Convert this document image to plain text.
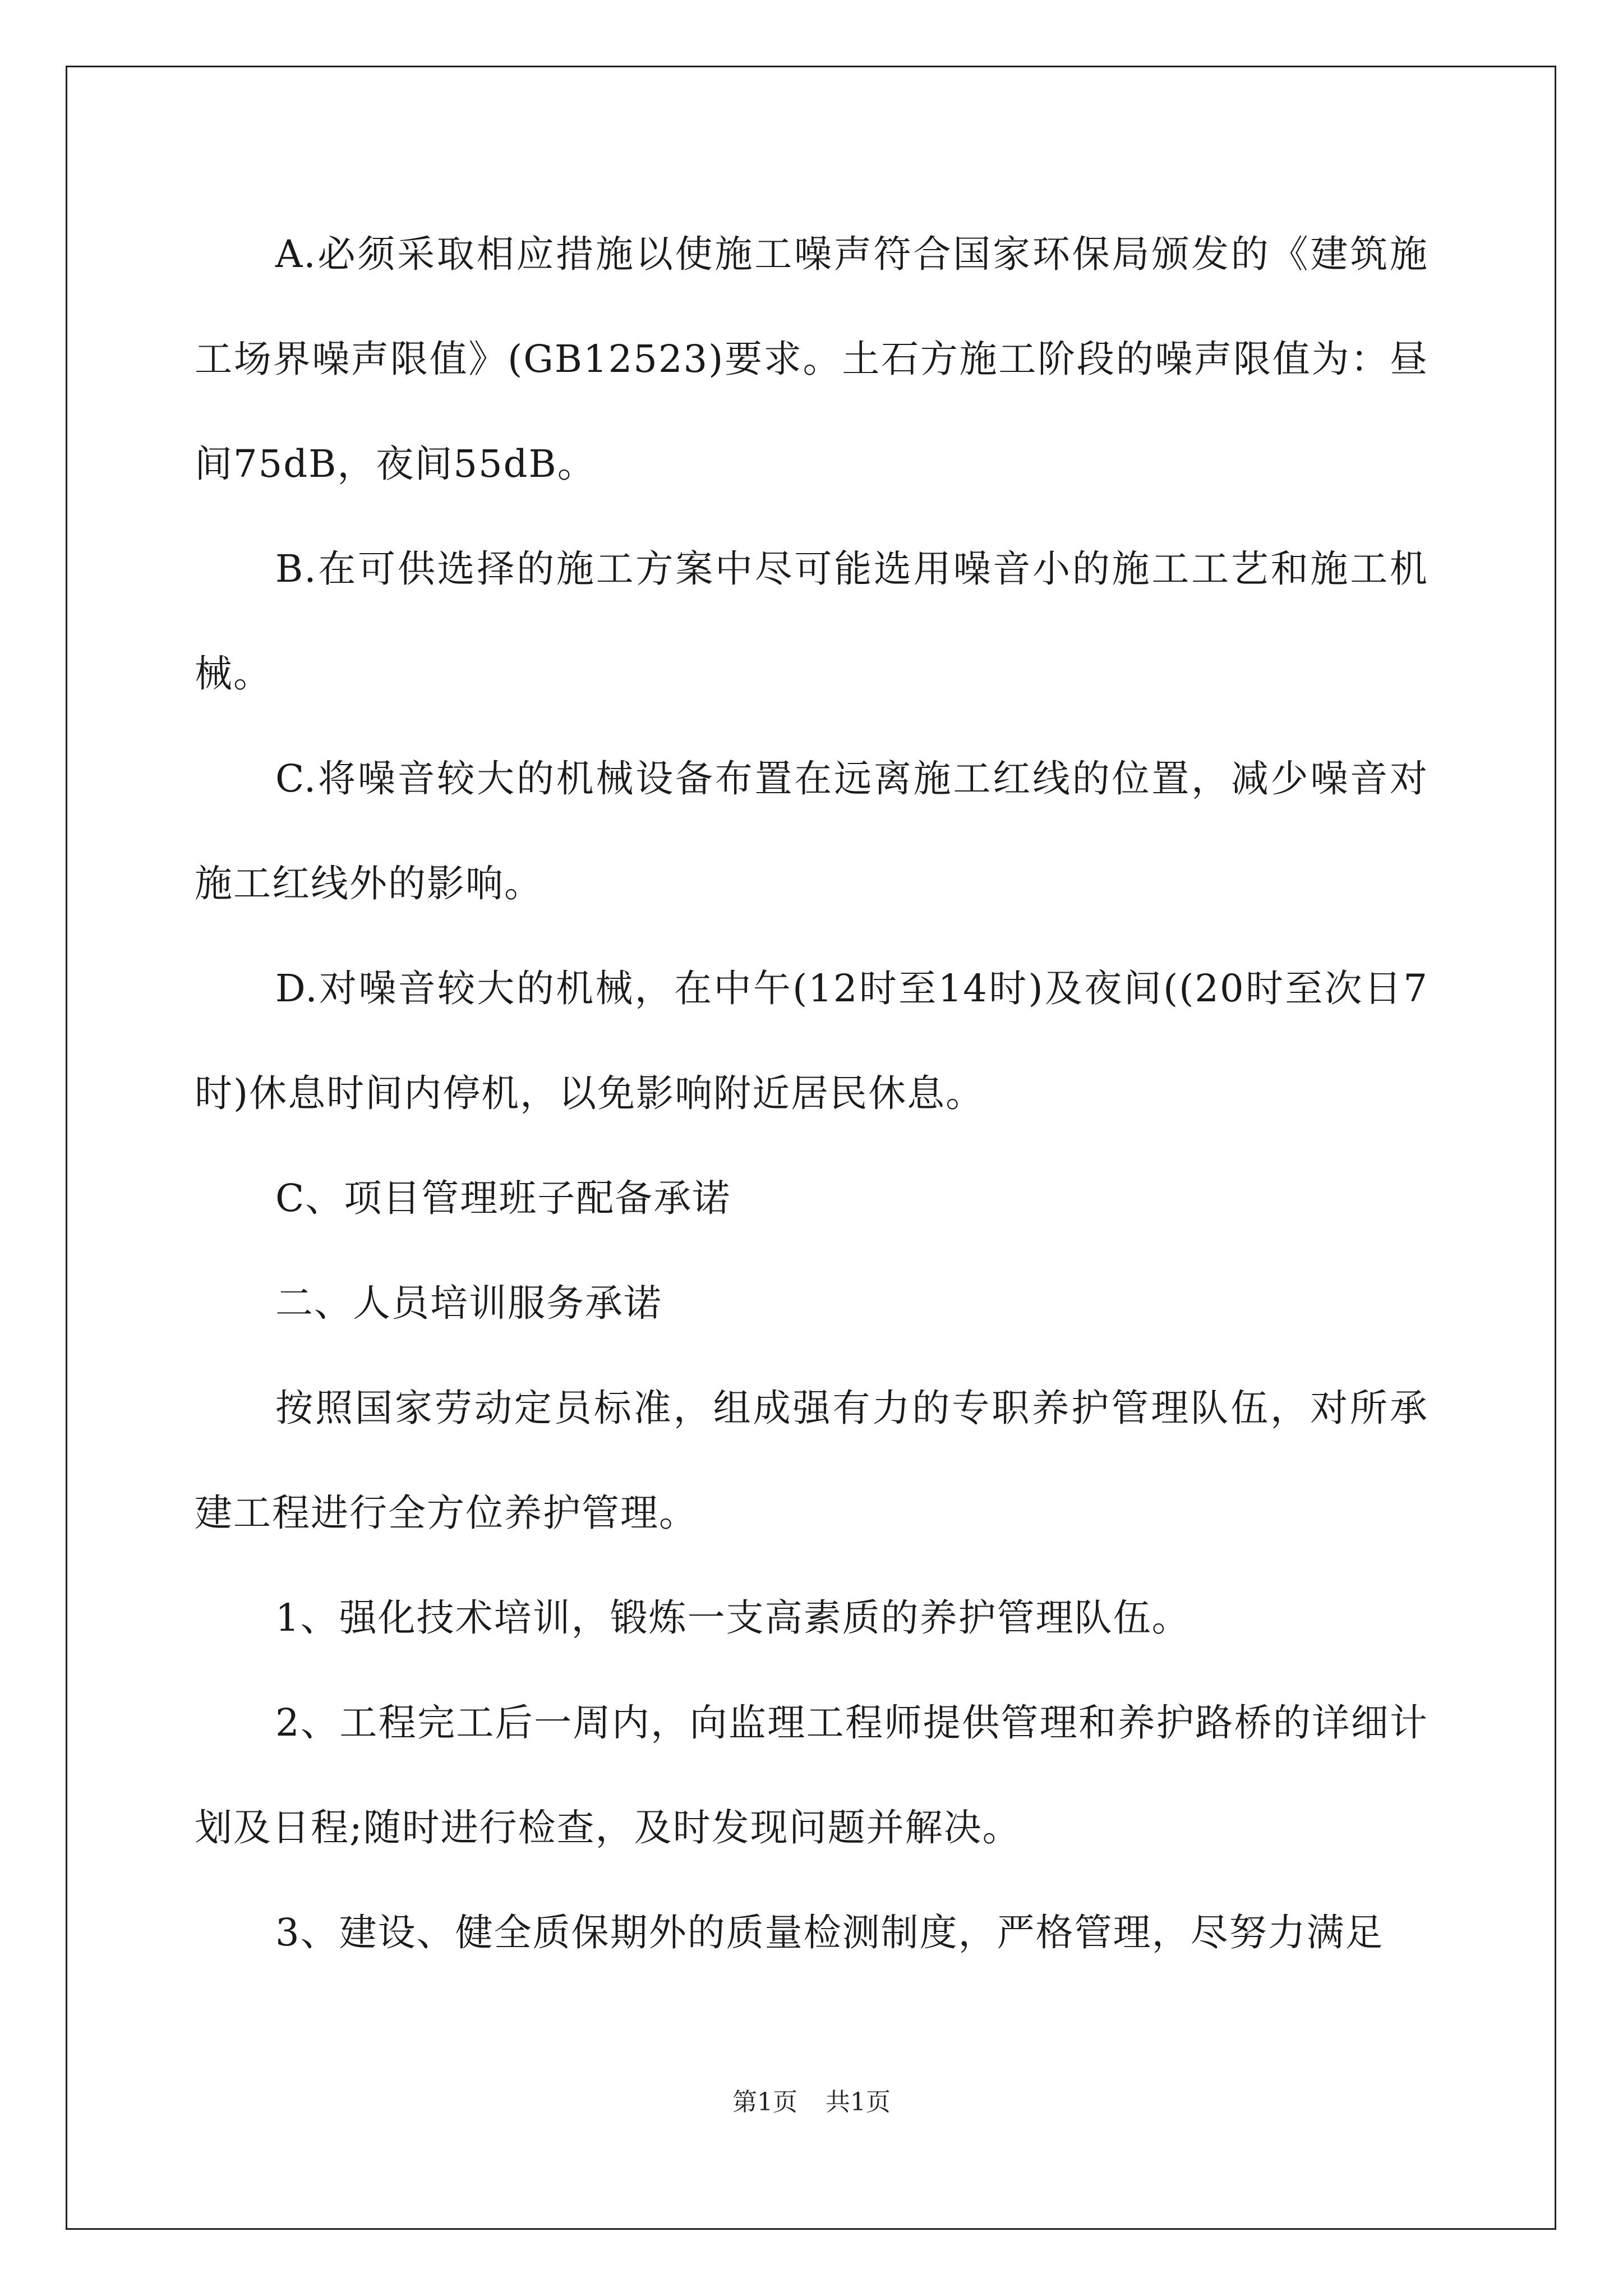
A.必须采取相应措施以使施工噪声符合国家环保局颁发的《建筑施工场界噪声限值》(GB12523)要求。土石方施工阶段的噪声限值为：昼间75dB，夜间55dB。

B.在可供选择的施工方案中尽可能选用噪音小的施工工艺和施工机械。

C.将噪音较大的机械设备布置在远离施工红线的位置，减少噪音对施工红线外的影响。

D.对噪音较大的机械，在中午(12时至14时)及夜间((20时至次日7时)休息时间内停机，以免影响附近居民休息。

C、项目管理班子配备承诺

二、人员培训服务承诺

按照国家劳动定员标准，组成强有力的专职养护管理队伍，对所承建工程进行全方位养护管理。

1、强化技术培训，锻炼一支高素质的养护管理队伍。

2、工程完工后一周内，向监理工程师提供管理和养护路桥的详细计划及日程;随时进行检查，及时发现问题并解决。

3、建设、健全质保期外的质量检测制度，严格管理，尽努力满足

第1页 共1页
